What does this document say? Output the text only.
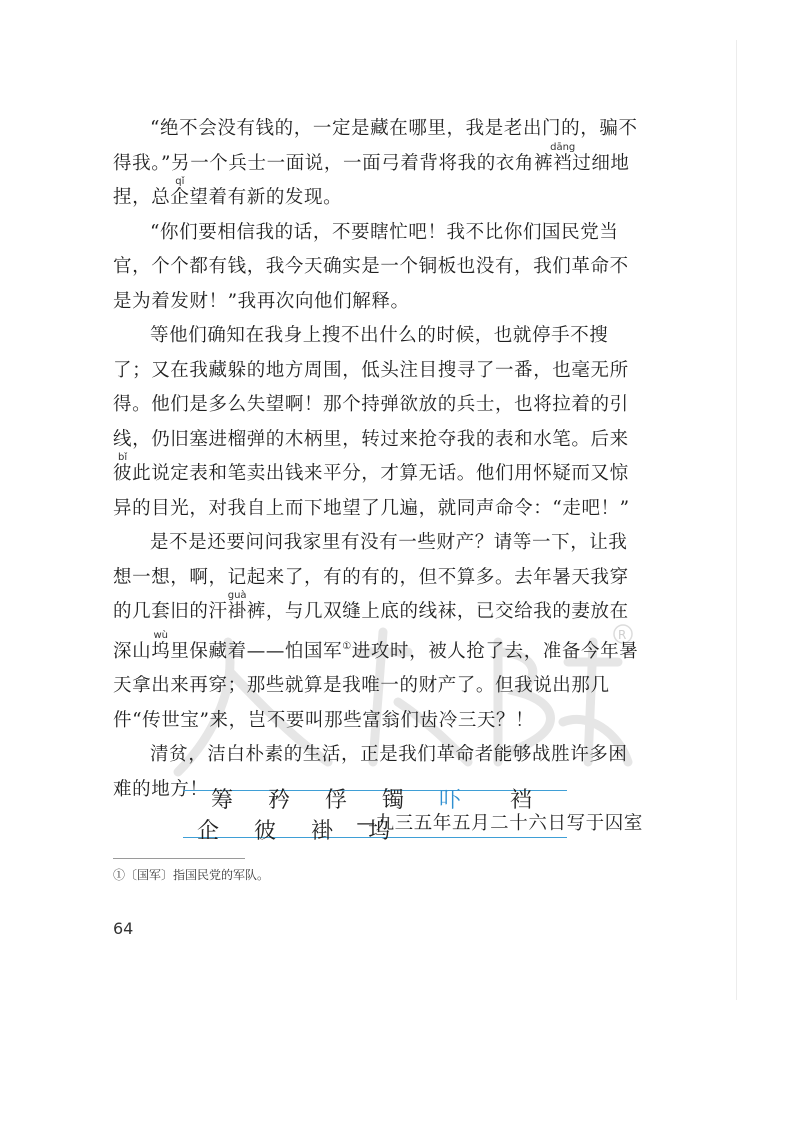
R

“绝不会没有钱的，一定是藏在哪里，我是老出门的，骗不得我。”另一个兵士一面说，一面弓着背将我的衣角裤裆dāng过细地捏，总企qǐ望着有新的发现。

“你们要相信我的话，不要瞎忙吧！我不比你们国民党当官，个个都有钱，我今天确实是一个铜板也没有，我们革命不是为着发财！”我再次向他们解释。

等他们确知在我身上搜不出什么的时候，也就停手不搜了；又在我藏躲的地方周围，低头注目搜寻了一番，也毫无所得。他们是多么失望啊！那个持弹欲放的兵士，也将拉着的引线，仍旧塞进榴弹的木柄里，转过来抢夺我的表和水笔。后来彼bǐ此说定表和笔卖出钱来平分，才算无话。他们用怀疑而又惊异的目光，对我自上而下地望了几遍，就同声命令：“走吧！”

是不是还要问问我家里有没有一些财产？请等一下，让我想一想，啊，记起来了，有的有的，但不算多。去年暑天我穿的几套旧的汗褂guà裤，与几双缝上底的线袜，已交给我的妻放在深山坞wù里保藏着——怕国军①进攻时，被人抢了去，准备今年暑天拿出来再穿；那些就算是我唯一的财产了。但我说出那几件“传世宝”来，岂不要叫那些富翁们齿冷三天？！

清贫，洁白朴素的生活，正是我们革命者能够战胜许多困难的地方！

—九三五年五月二十六日写于囚室

筹 矜 俘 镯 吓 裆 企 彼 褂 坞
①〔国军〕指国民党的军队。
64
